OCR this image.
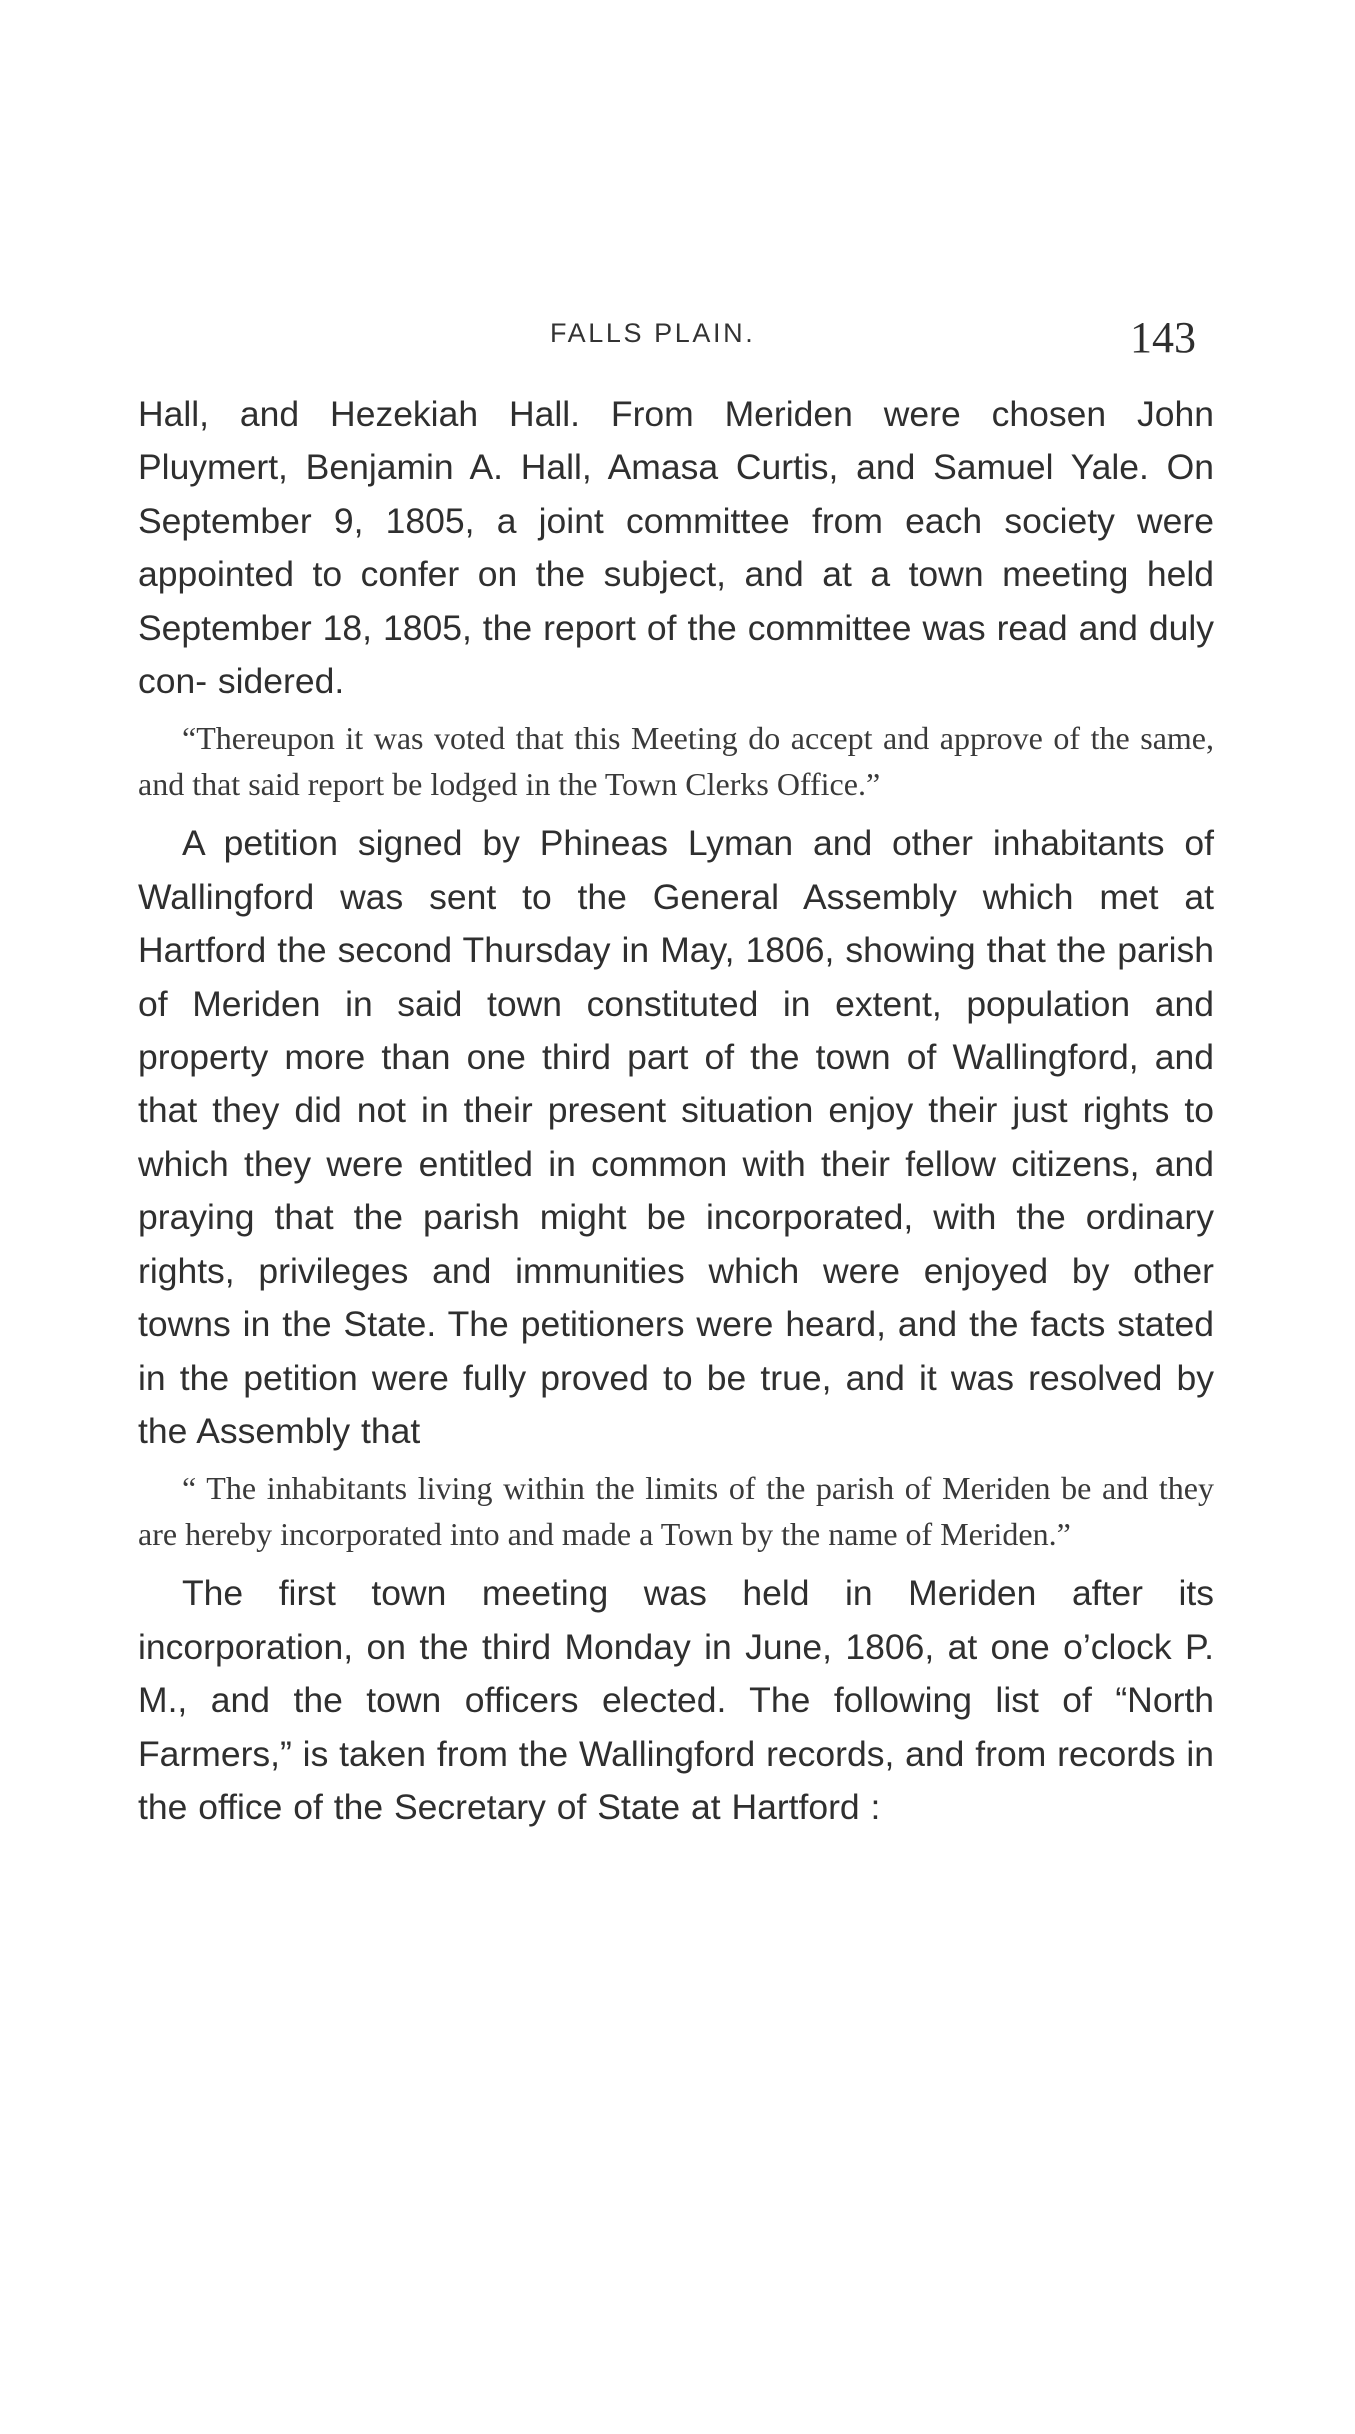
FALLS PLAIN.	143

Hall, and Hezekiah Hall. From Meriden were chosen John Pluymert, Benjamin A. Hall, Amasa Curtis, and Samuel Yale. On September 9, 1805, a joint committee from each society were appointed to confer on the subject, and at a town meeting held September 18, 1805, the report of the committee was read and duly con- sidered.

“Thereupon it was voted that this Meeting do accept and approve of the same, and that said report be lodged in the Town Clerks Office.”

A petition signed by Phineas Lyman and other inhabitants of Wallingford was sent to the General Assembly which met at Hartford the second Thursday in May, 1806, showing that the parish of Meriden in said town constituted in extent, population and property more than one third part of the town of Wallingford, and that they did not in their present situation enjoy their just rights to which they were entitled in common with their fellow citizens, and praying that the parish might be incorporated, with the ordinary rights, privileges and immunities which were enjoyed by other towns in the State. The petitioners were heard, and the facts stated in the petition were fully proved to be true, and it was resolved by the Assembly that

“ The inhabitants living within the limits of the parish of Meriden be and they are hereby incorporated into and made a Town by the name of Meriden.”

The first town meeting was held in Meriden after its incorporation, on the third Monday in June, 1806, at one o’clock P. M., and the town officers elected. The following list of “North Farmers,” is taken from the Wallingford records, and from records in the office of the Secretary of State at Hartford :
